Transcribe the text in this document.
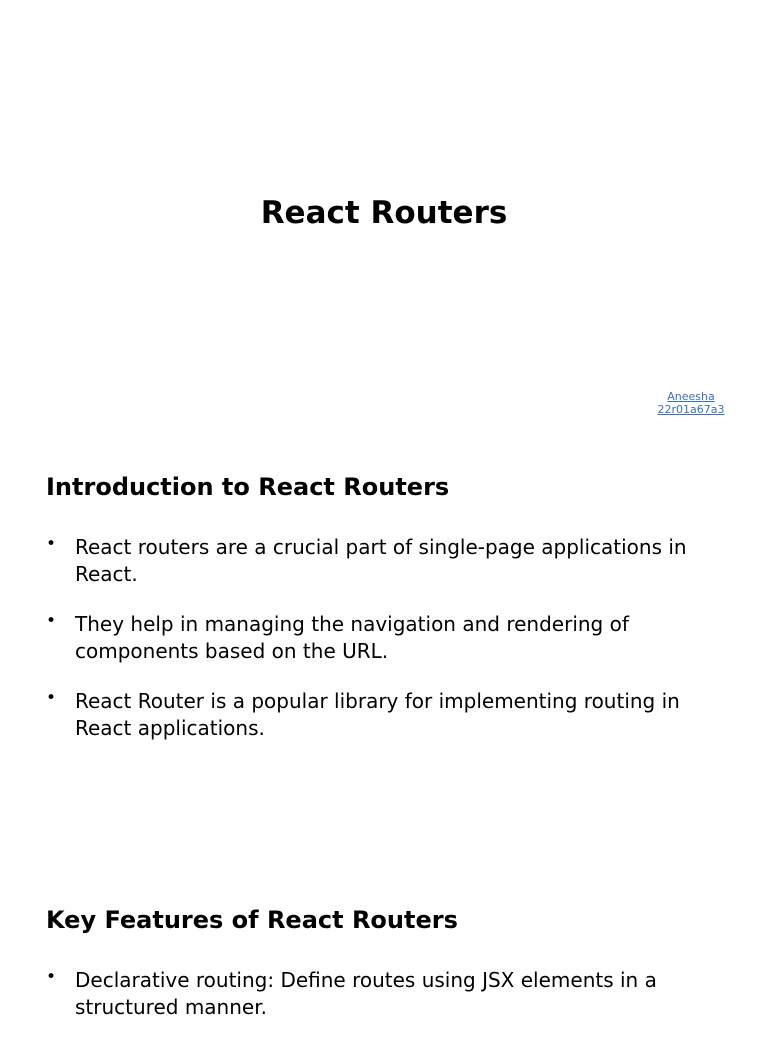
React Routers
Aneesha
22r01a67a3
Introduction to React Routers
• React routers are a crucial part of single-page applications in React.
• They help in managing the navigation and rendering of components based on the URL.
• React Router is a popular library for implementing routing in React applications.
Key Features of React Routers
• Declarative routing: Define routes using JSX elements in a structured manner.
